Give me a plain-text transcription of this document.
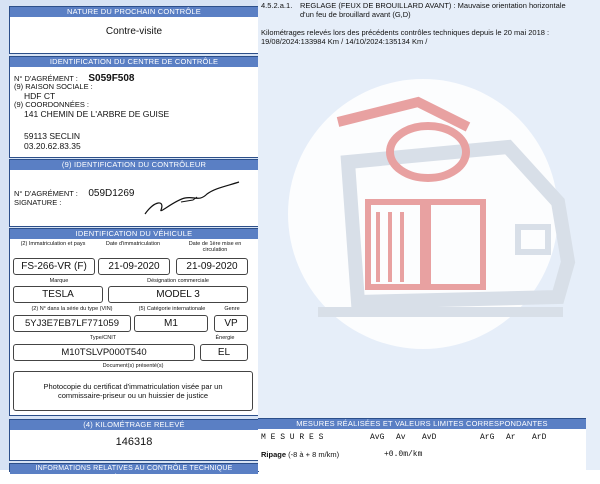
NATURE DU PROCHAIN CONTRÔLE
Contre-visite
IDENTIFICATION DU CENTRE DE CONTRÔLE
N° D'AGRÉMENT : S059F508
(9) RAISON SOCIALE :
HDF CT
(9) COORDONNÉES :
141 CHEMIN DE L'ARBRE DE GUISE
59113 SECLIN
03.20.62.83.35
(9) IDENTIFICATION DU CONTRÔLEUR
N° D'AGRÉMENT : 059D1269
SIGNATURE :
IDENTIFICATION DU VÉHICULE
(2) Immatriculation et pays	Date d'immatriculation	Date de 1ère mise en circulation
FS-266-VR (F)	21-09-2020	21-09-2020
Marque	Désignation commerciale
TESLA	MODEL 3
(2) N° dans la série du type (VIN)	(5) Catégorie internationale	Genre
5YJ3E7EB7LF771059	M1	VP
Type/CNIT	Énergie
M10TSLVP000T540	EL
Document(s) présenté(s)
Photocopie du certificat d'immatriculation visée par un commissaire-priseur ou un huissier de justice
(4) KILOMÉTRAGE RELEVÉ
146318
INFORMATIONS RELATIVES AU CONTRÔLE TECHNIQUE DÉFAVORABLE
4.5.2.a.1. REGLAGE (FEUX DE BROUILLARD AVANT) : Mauvaise orientation horizontale d'un feu de brouillard avant (G,D)
Kilométrages relevés lors des précédents contrôles techniques depuis le 20 mai 2018 :
19/08/2024:133984 Km / 14/10/2024:135134 Km /
MESURES RÉALISÉES ET VALEURS LIMITES CORRESPONDANTES
M E S U R E S	AvG Av AvD	ArG Ar ArD
Ripage (-8 à + 8 m/km)	+0.0m/km
